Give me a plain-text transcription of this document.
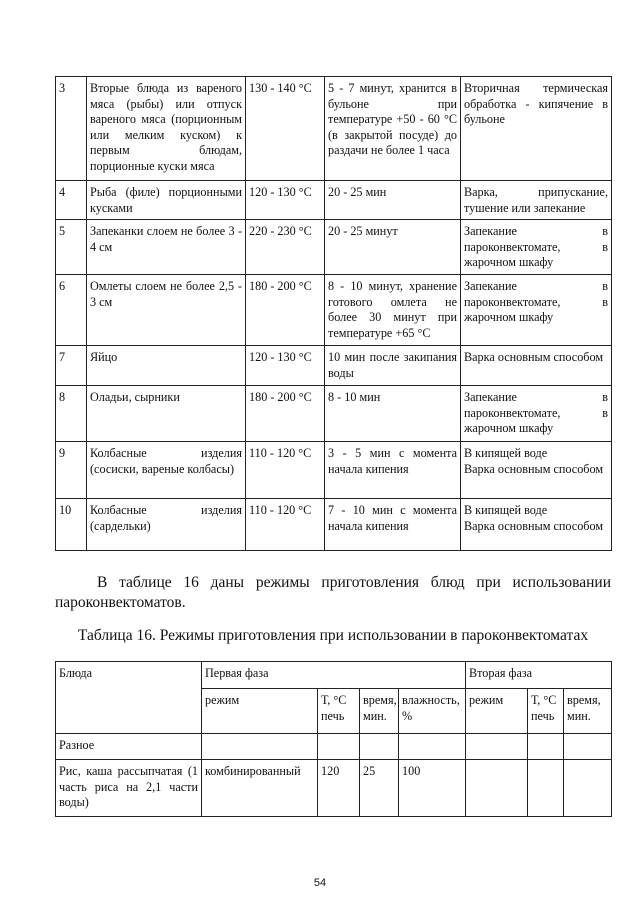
3	Вторые блюда из вареного мяса (рыбы) или отпуск вареного мяса (порционным или мелким куском) к первым блюдам, порционные куски мяса	130 - 140 °С	5 - 7 минут, хранится в бульоне при температуре +50 - 60 °С (в закрытой посуде) до раздачи не более 1 часа	Вторичная термическая обработка - кипячение в бульоне
4	Рыба (филе) порционными кусками	120 - 130 °С	20 - 25 мин	Варка, припускание, тушение или запекание
5	Запеканки слоем не более 3 - 4 см	220 - 230 °С	20 - 25 минут	Запекание в пароконвектомате, в жарочном шкафу
6	Омлеты слоем не более 2,5 - 3 см	180 - 200 °С	8 - 10 минут, хранение готового омлета не более 30 минут при температуре +65 °С	Запекание в пароконвектомате, в жарочном шкафу
7	Яйцо	120 - 130 °С	10 мин после закипания воды	Варка основным способом
8	Оладьи, сырники	180 - 200 °С	8 - 10 мин	Запекание в пароконвектомате, в жарочном шкафу
9	Колбасные изделия (сосиски, вареные колбасы)	110 - 120 °С	3 - 5 мин с момента начала кипения	В кипящей воде
Варка основным способом

10	Колбасные изделия (сардельки)	110 - 120 °С	7 - 10 мин с момента начала кипения	В кипящей воде
Варка основным способом

В таблице 16 даны режимы приготовления блюд при использовании пароконвектоматов.

Таблица 16. Режимы приготовления при использовании в пароконвектоматах

Блюда	Первая фаза				Вторая фаза		
	режим	Т, °С печь	время, мин.	влажность, %	режим	Т, °С печь	время, мин.
Разное							
Рис, каша рассыпчатая (1 часть риса на 2,1 части воды)	комбинированный	120	25	100			
54
